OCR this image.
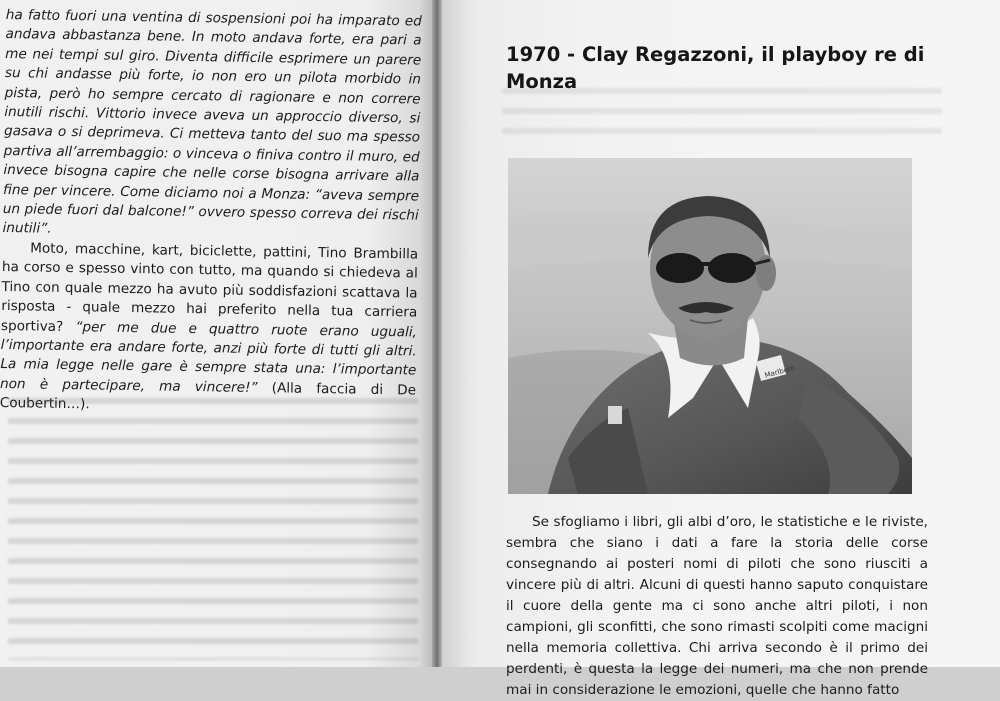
ha fatto fuori una ventina di sospensioni poi ha imparato ed andava abbastanza bene. In moto andava forte, era pari a me nei tempi sul giro. Diventa difficile esprimere un parere su chi andasse più forte, io non ero un pilota morbido in pista, però ho sempre cercato di ragionare e non correre inutili rischi. Vittorio invece aveva un approccio diverso, si gasava o si deprimeva. Ci metteva tanto del suo ma spesso partiva all’arrembaggio: o vinceva o finiva contro il muro, ed invece bisogna capire che nelle corse bisogna arrivare alla fine per vincere. Come diciamo noi a Monza: “aveva sempre un piede fuori dal balcone!” ovvero spesso correva dei rischi inutili”.

Moto, macchine, kart, biciclette, pattini, Tino Brambilla ha corso e spesso vinto con tutto, ma quando si chiedeva al Tino con quale mezzo ha avuto più soddisfazioni scattava la risposta - quale mezzo hai preferito nella tua carriera sportiva? “per me due e quattro ruote erano uguali, l’importante era andare forte, anzi più forte di tutti gli altri. La mia legge nelle gare è sempre stata una: l’importante non è partecipare, ma vincere!” (Alla faccia di De Coubertin…).

1970 - Clay Regazzoni, il playboy re di Monza
Marlboro

Se sfogliamo i libri, gli albi d’oro, le statistiche e le riviste, sembra che siano i dati a fare la storia delle corse consegnando ai posteri nomi di piloti che sono riusciti a vincere più di altri. Alcuni di questi hanno saputo conquistare il cuore della gente ma ci sono anche altri piloti, i non campioni, gli sconfitti, che sono rimasti scolpiti come macigni nella memoria collettiva. Chi arriva secondo è il primo dei perdenti, è questa la legge dei numeri, ma che non prende mai in considerazione le emozioni, quelle che hanno fatto
